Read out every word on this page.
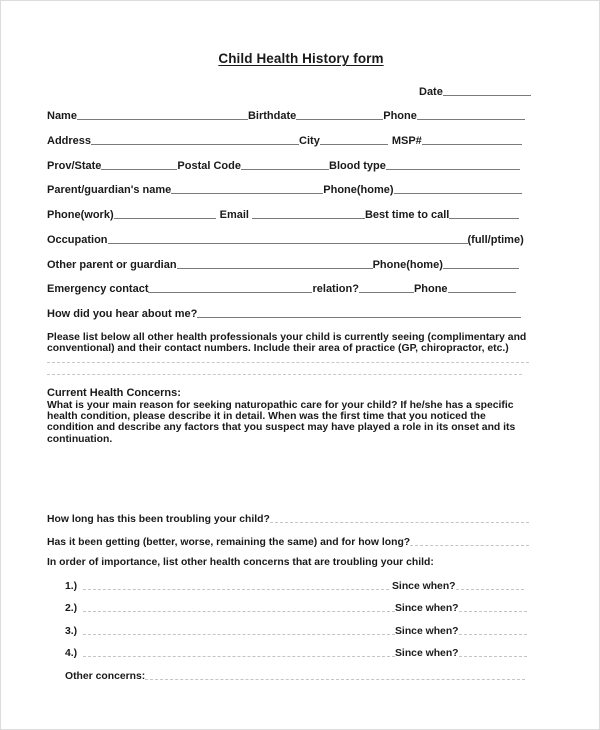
Child Health History form
Date
Name	Birthdate	Phone
Address	City	MSP#
Prov/State	Postal Code	Blood type
Parent/guardian's name	Phone(home)
Phone(work)	Email	Best time to call
Occupation	(full/ptime)
Other parent or guardian	Phone(home)
Emergency contact	relation?	Phone
How did you hear about me?
Please list below all other health professionals your child is currently seeing (complimentary and conventional) and their contact numbers. Include their area of practice (GP, chiropractor, etc.)
Current Health Concerns:
What is your main reason for seeking naturopathic care for your child? If he/she has a specific health condition, please describe it in detail. When was the first time that you noticed the condition and describe any factors that you suspect may have played a role in its onset and its continuation.
How long has this been troubling your child?
Has it been getting (better, worse, remaining the same) and for how long?
In order of importance, list other health concerns that are troubling your child:
1.)	Since when?
2.)	Since when?
3.)	Since when?
4.)	Since when?
Other concerns:
